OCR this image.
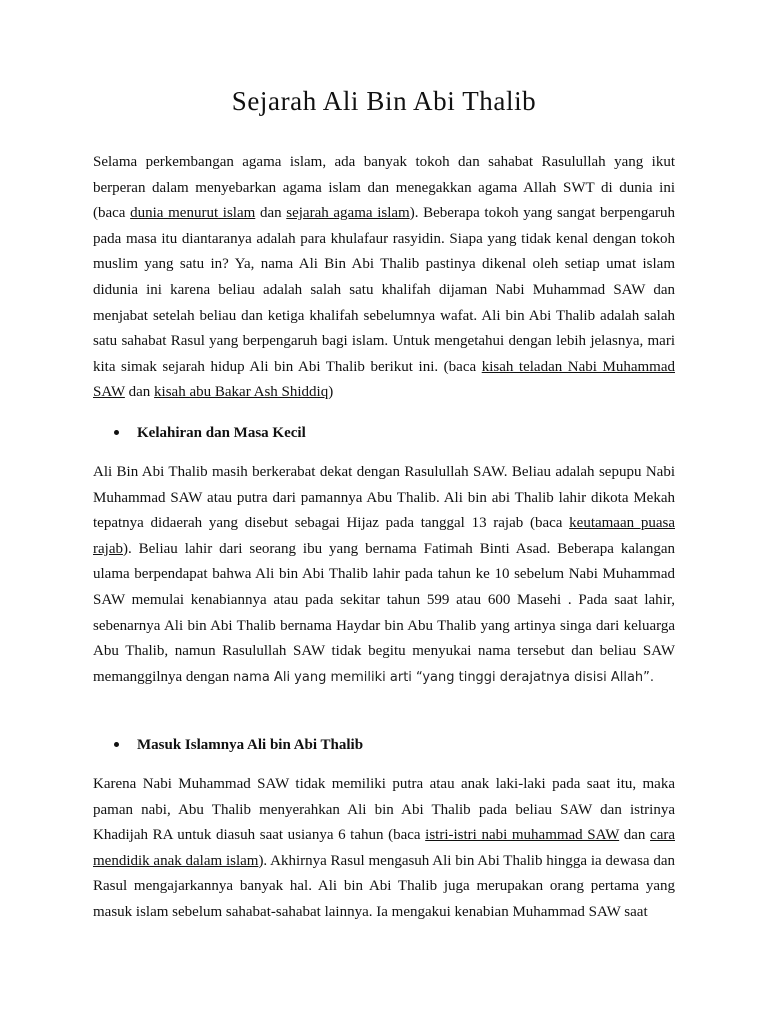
Sejarah Ali Bin Abi Thalib

Selama perkembangan agama islam, ada banyak tokoh dan sahabat Rasulullah yang ikut berperan dalam menyebarkan agama islam dan menegakkan agama Allah SWT di dunia ini (baca dunia menurut islam dan sejarah agama islam). Beberapa tokoh yang sangat berpengaruh pada masa itu diantaranya adalah para khulafaur rasyidin. Siapa yang tidak kenal dengan tokoh muslim yang satu in? Ya, nama Ali Bin Abi Thalib pastinya dikenal oleh setiap umat islam didunia ini karena beliau adalah salah satu khalifah dijaman Nabi Muhammad SAW dan menjabat setelah beliau dan ketiga khalifah sebelumnya wafat. Ali bin Abi Thalib adalah salah satu sahabat Rasul yang berpengaruh bagi islam. Untuk mengetahui dengan lebih jelasnya, mari kita simak sejarah hidup Ali bin Abi Thalib berikut ini. (baca kisah teladan Nabi Muhammad SAW dan kisah abu Bakar Ash Shiddiq)

Kelahiran dan Masa Kecil

Ali Bin Abi Thalib masih berkerabat dekat dengan Rasulullah SAW. Beliau adalah sepupu Nabi Muhammad SAW atau putra dari pamannya Abu Thalib. Ali bin abi Thalib lahir dikota Mekah tepatnya didaerah yang disebut sebagai Hijaz pada tanggal 13 rajab (baca keutamaan puasa rajab). Beliau lahir dari seorang ibu yang bernama Fatimah Binti Asad. Beberapa kalangan ulama berpendapat bahwa Ali bin Abi Thalib lahir pada tahun ke 10 sebelum Nabi Muhammad SAW memulai kenabiannya atau pada sekitar tahun 599 atau 600 Masehi . Pada saat lahir, sebenarnya Ali bin Abi Thalib bernama Haydar bin Abu Thalib yang artinya singa dari keluarga Abu Thalib, namun Rasulullah SAW tidak begitu menyukai nama tersebut dan beliau SAW memanggilnya dengan nama Ali yang memiliki arti “yang tinggi derajatnya disisi Allah”.

Masuk Islamnya Ali bin Abi Thalib

Karena Nabi Muhammad SAW tidak memiliki putra atau anak laki-laki pada saat itu, maka paman nabi, Abu Thalib menyerahkan Ali bin Abi Thalib pada beliau SAW dan istrinya Khadijah RA untuk diasuh saat usianya 6 tahun (baca istri-istri nabi muhammad SAW dan cara mendidik anak dalam islam). Akhirnya Rasul mengasuh Ali bin Abi Thalib hingga ia dewasa dan Rasul mengajarkannya banyak hal. Ali bin Abi Thalib juga merupakan orang pertama yang masuk islam sebelum sahabat-sahabat lainnya. Ia mengakui kenabian Muhammad SAW saat
